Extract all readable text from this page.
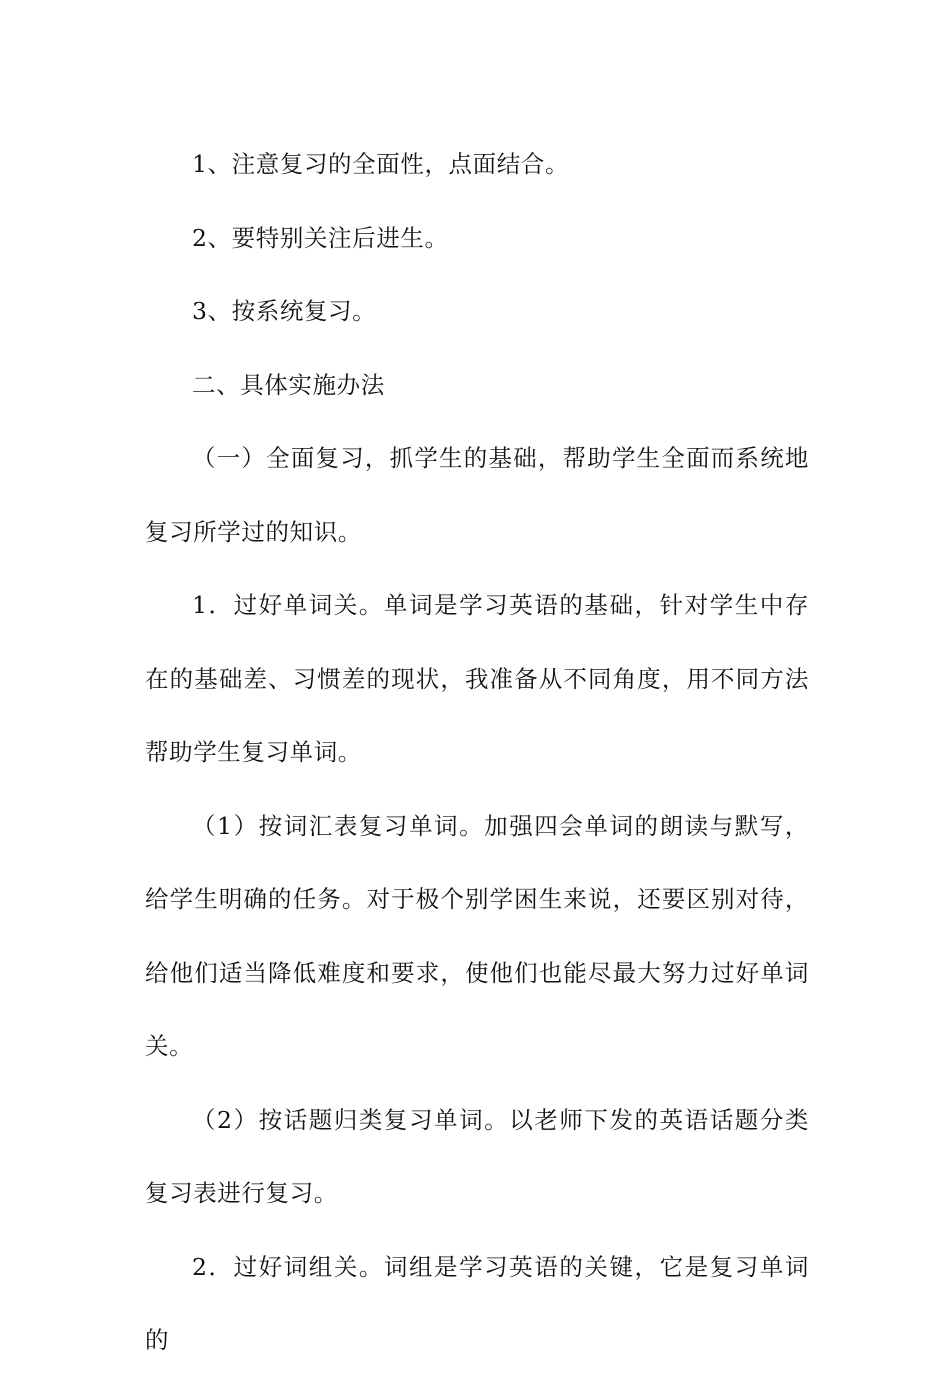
1、注意复习的全面性，点面结合。

2、要特别关注后进生。

3、按系统复习。

二、具体实施办法

（一）全面复习，抓学生的基础，帮助学生全面而系统地复习所学过的知识。

1．过好单词关。单词是学习英语的基础，针对学生中存在的基础差、习惯差的现状，我准备从不同角度，用不同方法帮助学生复习单词。

（1）按词汇表复习单词。加强四会单词的朗读与默写，给学生明确的任务。对于极个别学困生来说，还要区别对待，给他们适当降低难度和要求，使他们也能尽最大努力过好单词关。

（2）按话题归类复习单词。以老师下发的英语话题分类复习表进行复习。

2．过好词组关。词组是学习英语的关键，它是复习单词的
